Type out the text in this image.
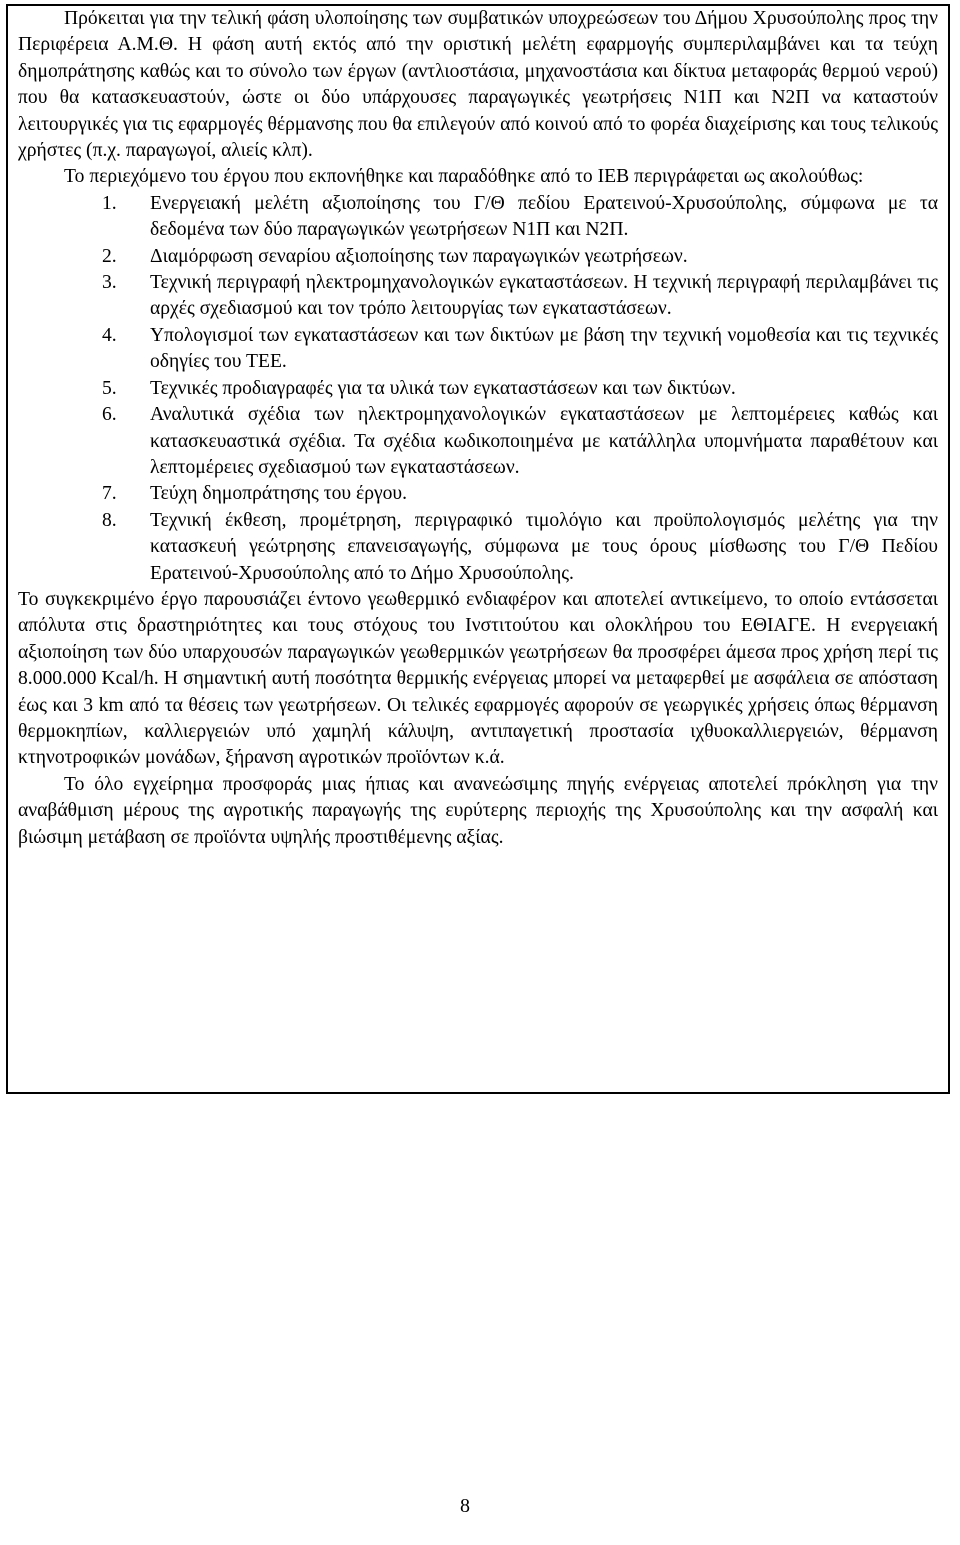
Πρόκειται για την τελική φάση υλοποίησης των συμβατικών υποχρεώσεων του Δήμου Χρυσούπολης προς την Περιφέρεια Α.Μ.Θ. Η φάση αυτή εκτός από την οριστική μελέτη εφαρμογής συμπεριλαμβάνει και τα τεύχη δημοπράτησης καθώς και το σύνολο των έργων (αντλιοστάσια, μηχανοστάσια και δίκτυα μεταφοράς θερμού νερού) που θα κατασκευαστούν, ώστε οι δύο υπάρχουσες παραγωγικές γεωτρήσεις Ν1Π και Ν2Π να καταστούν λειτουργικές για τις εφαρμογές θέρμανσης που θα επιλεγούν από κοινού από το φορέα διαχείρισης και τους τελικούς χρήστες (π.χ. παραγωγοί, αλιείς κλπ).

Το περιεχόμενο του έργου που εκπονήθηκε και παραδόθηκε από το ΙΕΒ περιγράφεται ως ακολούθως:

1. Ενεργειακή μελέτη αξιοποίησης του Γ/Θ πεδίου Ερατεινού-Χρυσούπολης, σύμφωνα με τα δεδομένα των δύο παραγωγικών γεωτρήσεων Ν1Π και Ν2Π.
2. Διαμόρφωση σεναρίου αξιοποίησης των παραγωγικών γεωτρήσεων.
3. Τεχνική περιγραφή ηλεκτρομηχανολογικών εγκαταστάσεων. Η τεχνική περιγραφή περιλαμβάνει τις αρχές σχεδιασμού και τον τρόπο λειτουργίας των εγκαταστάσεων.
4. Υπολογισμοί των εγκαταστάσεων και των δικτύων με βάση την τεχνική νομοθεσία και τις τεχνικές οδηγίες του ΤΕΕ.
5. Τεχνικές προδιαγραφές για τα υλικά των εγκαταστάσεων και των δικτύων.
6. Αναλυτικά σχέδια των ηλεκτρομηχανολογικών εγκαταστάσεων με λεπτομέρειες καθώς και κατασκευαστικά σχέδια. Τα σχέδια κωδικοποιημένα με κατάλληλα υπομνήματα παραθέτουν και λεπτομέρειες σχεδιασμού των εγκαταστάσεων.
7. Τεύχη δημοπράτησης του έργου.
8. Τεχνική έκθεση, προμέτρηση, περιγραφικό τιμολόγιο και προϋπολογισμός μελέτης για την κατασκευή γεώτρησης επανεισαγωγής, σύμφωνα με τους όρους μίσθωσης του Γ/Θ Πεδίου Ερατεινού-Χρυσούπολης από το Δήμο Χρυσούπολης.

Το συγκεκριμένο έργο παρουσιάζει έντονο γεωθερμικό ενδιαφέρον και αποτελεί αντικείμενο, το οποίο εντάσσεται απόλυτα στις δραστηριότητες και τους στόχους του Ινστιτούτου και ολοκλήρου του ΕΘΙΑΓΕ. Η ενεργειακή αξιοποίηση των δύο υπαρχουσών παραγωγικών γεωθερμικών γεωτρήσεων θα προσφέρει άμεσα προς χρήση περί τις 8.000.000 Kcal/h. Η σημαντική αυτή ποσότητα θερμικής ενέργειας μπορεί να μεταφερθεί με ασφάλεια σε απόσταση έως και 3 km από τα θέσεις των γεωτρήσεων. Οι τελικές εφαρμογές αφορούν σε γεωργικές χρήσεις όπως θέρμανση θερμοκηπίων, καλλιεργειών υπό χαμηλή κάλυψη, αντιπαγετική προστασία ιχθυοκαλλιεργειών, θέρμανση κτηνοτροφικών μονάδων, ξήρανση αγροτικών προϊόντων κ.ά.

Το όλο εγχείρημα προσφοράς μιας ήπιας και ανανεώσιμης πηγής ενέργειας αποτελεί πρόκληση για την αναβάθμιση μέρους της αγροτικής παραγωγής της ευρύτερης περιοχής της Χρυσούπολης και την ασφαλή και βιώσιμη μετάβαση σε προϊόντα υψηλής προστιθέμενης αξίας.

8
